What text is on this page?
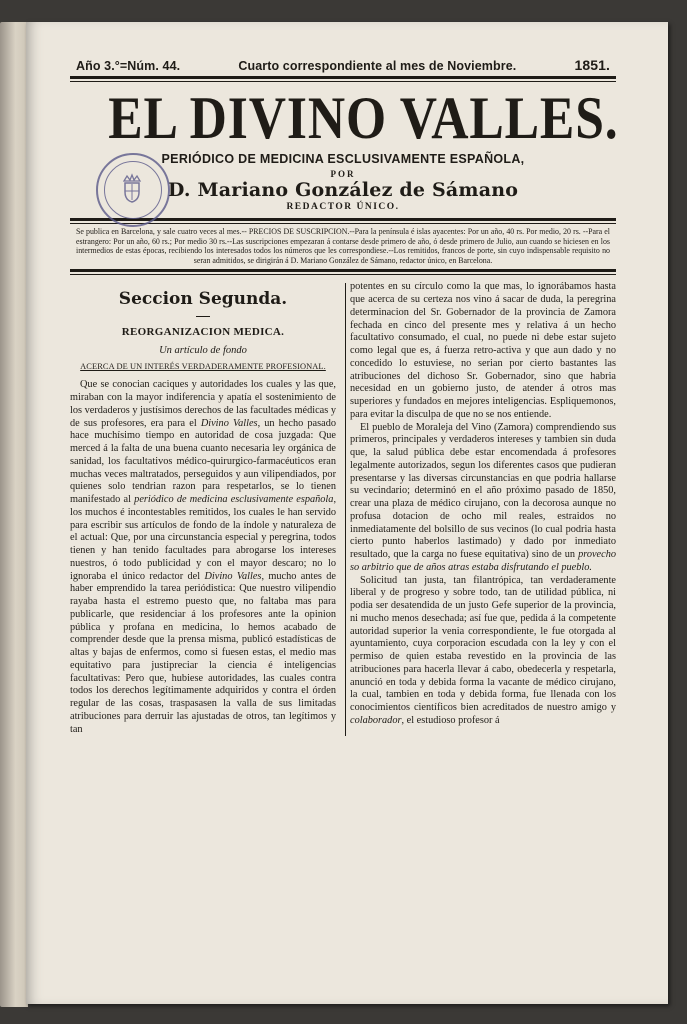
Año 3.°=Núm. 44.	Cuarto correspondiente al mes de Noviembre.	1851.
EL DIVINO VALLES.
PERIÓDICO DE MEDICINA ESCLUSIVAMENTE ESPAÑOLA,
POR
D. Mariano González de Sámano
REDACTOR ÚNICO.
Se publica en Barcelona, y sale cuatro veces al mes.-- PRECIOS DE SUSCRIPCION.--Para la península é islas ayacentes: Por un año, 40 rs. Por medio, 20 rs. --Para el estrangero: Por un año, 60 rs.; Por medio 30 rs.--Las suscripciones empezaran á contarse desde primero de año, ó desde primero de Julio, aun cuando se hiciesen en los intermedios de estas épocas, recibiendo los interesados todos los números que les correspondiese.--Los remitidos, francos de porte, sin cuyo indispensable requisito no seran admitidos, se dirigirán á D. Mariano González de Sámano, redactor único, en Barcelona.
Seccion Segunda.
REORGANIZACION MEDICA.
Un artículo de fondo
ACERCA DE UN INTERÉS VERDADERAMENTE PROFESIONAL.

Que se conocian caciques y autoridades los cuales y las que, miraban con la mayor indiferencia y apatía el sostenimiento de los verdaderos y justísimos derechos de las facultades médicas y de sus profesores, era para el Divino Valles, un hecho pasado hace muchísimo tiempo en autoridad de cosa juzgada: Que merced á la falta de una buena cuanto necesaria ley orgánica de sanidad, los facultativos médico-quirurgico-farmacéuticos eran muchas veces maltratados, perseguidos y aun vilipendiados, por quienes solo tendrian razon para respetarlos, se lo tienen manifestado al periódico de medicina esclusivamente española, los muchos é incontestables remitidos, los cuales le han servido para escribir sus artículos de fondo de la índole y naturaleza de el actual: Que, por una circunstancia especial y peregrina, todos tienen y han tenido facultades para abrogarse los intereses nuestros, ó todo publicidad y con el mayor descaro; no lo ignoraba el único redactor del Divino Valles, mucho antes de haber emprendido la tarea periódistica: Que nuestro vilipendio rayaba hasta el estremo puesto que, no faltaba mas para publicarle, que residenciar á los profesores ante la opinion pública y profana en medicina, lo hemos acabado de comprender desde que la prensa misma, publicó estadísticas de altas y bajas de enfermos, como si fuesen estas, el medio mas equitativo para justipreciar la ciencia é inteligencias facultativas: Pero que, hubiese autoridades, las cuales contra todos los derechos legítimamente adquiridos y contra el órden regular de las cosas, traspasasen la valla de sus limitadas atribuciones para derruir las ajustadas de otros, tan legítimos y tan

potentes en su círculo como la que mas, lo ignorábamos hasta que acerca de su certeza nos vino á sacar de duda, la peregrina determinacion del Sr. Gobernador de la provincia de Zamora fechada en cinco del presente mes y relativa á un hecho facultativo consumado, el cual, no puede ni debe estar sujeto como legal que es, á fuerza retro-activa y que aun dado y no concedido lo estuviese, no serian por cierto bastantes las atribuciones del dichoso Sr. Gobernador, sino que habria necesidad en un gobierno justo, de atender á otros mas superiores y fundados en mejores inteligencias. Espliquemonos, para evitar la disculpa de que no se nos entiende.

El pueblo de Moraleja del Vino (Zamora) comprendiendo sus primeros, principales y verdaderos intereses y tambien sin duda que, la salud pública debe estar encomendada á profesores legalmente autorizados, segun los diferentes casos que pudieran presentarse y las diversas circunstancias en que podria hallarse su vecindario; determinó en el año próximo pasado de 1850, crear una plaza de médico cirujano, con la decorosa aunque no profusa dotacion de ocho mil reales, estraidos no inmediatamente del bolsillo de sus vecinos (lo cual podria hasta cierto punto haberlos lastimado) y dado por inmediato resultado, que la carga no fuese equitativa) sino de un provecho so arbitrio que de años atras estaba disfrutando el pueblo.

Solicitud tan justa, tan filantrópica, tan verdaderamente liberal y de progreso y sobre todo, tan de utilidad pública, ni podia ser desatendida de un justo Gefe superior de la provincia, ni mucho menos desechada; así fue que, pedida á la competente autoridad superior la venia correspondiente, le fue otorgada al ayuntamiento, cuya corporacion escudada con la ley y con el permiso de quien estaba revestido en la provincia de las atribuciones para hacerla llevar á cabo, obedecerla y respetarla, anunció en toda y debida forma la vacante de médico cirujano, la cual, tambien en toda y debida forma, fue llenada con los conocimientos científicos bien acreditados de nuestro amigo y colaborador, el estudioso profesor á
